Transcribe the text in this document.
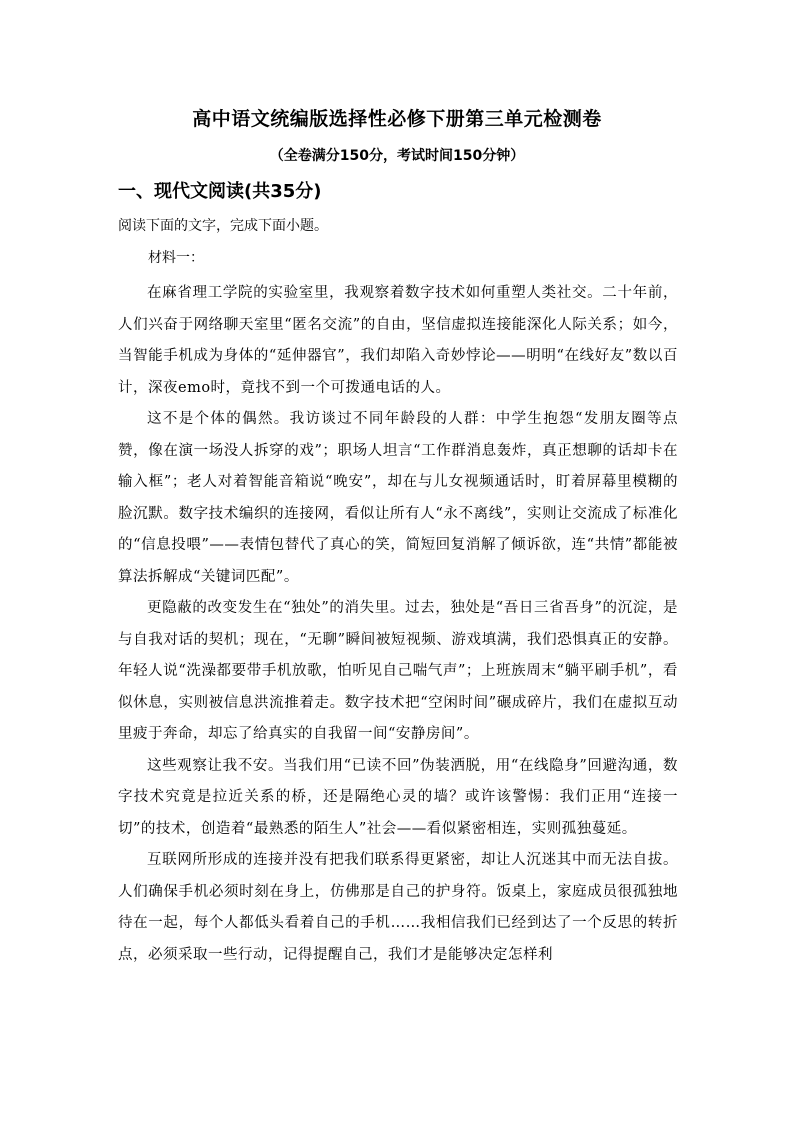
高中语文统编版选择性必修下册第三单元检测卷
（全卷满分150分，考试时间150分钟）
一、现代文阅读(共35分)
阅读下面的文字，完成下面小题。
材料一：

在麻省理工学院的实验室里，我观察着数字技术如何重塑人类社交。二十年前，人们兴奋于网络聊天室里“匿名交流”的自由，坚信虚拟连接能深化人际关系；如今，当智能手机成为身体的“延伸器官”，我们却陷入奇妙悖论——明明“在线好友”数以百计，深夜emo时，竟找不到一个可拨通电话的人。

这不是个体的偶然。我访谈过不同年龄段的人群：中学生抱怨“发朋友圈等点赞，像在演一场没人拆穿的戏”；职场人坦言“工作群消息轰炸，真正想聊的话却卡在输入框”；老人对着智能音箱说“晚安”，却在与儿女视频通话时，盯着屏幕里模糊的脸沉默。数字技术编织的连接网，看似让所有人“永不离线”，实则让交流成了标准化的“信息投喂”——表情包替代了真心的笑，简短回复消解了倾诉欲，连“共情”都能被算法拆解成“关键词匹配”。

更隐蔽的改变发生在“独处”的消失里。过去，独处是“吾日三省吾身”的沉淀，是与自我对话的契机；现在，“无聊”瞬间被短视频、游戏填满，我们恐惧真正的安静。年轻人说“洗澡都要带手机放歌，怕听见自己喘气声”；上班族周末“躺平刷手机”，看似休息，实则被信息洪流推着走。数字技术把“空闲时间”碾成碎片，我们在虚拟互动里疲于奔命，却忘了给真实的自我留一间“安静房间”。

这些观察让我不安。当我们用“已读不回”伪装洒脱，用“在线隐身”回避沟通，数字技术究竟是拉近关系的桥，还是隔绝心灵的墙？或许该警惕：我们正用“连接一切”的技术，创造着“最熟悉的陌生人”社会——看似紧密相连，实则孤独蔓延。

互联网所形成的连接并没有把我们联系得更紧密，却让人沉迷其中而无法自拔。人们确保手机必须时刻在身上，仿佛那是自己的护身符。饭桌上，家庭成员很孤独地待在一起，每个人都低头看着自己的手机……我相信我们已经到达了一个反思的转折点，必须采取一些行动，记得提醒自己，我们才是能够决定怎样利
